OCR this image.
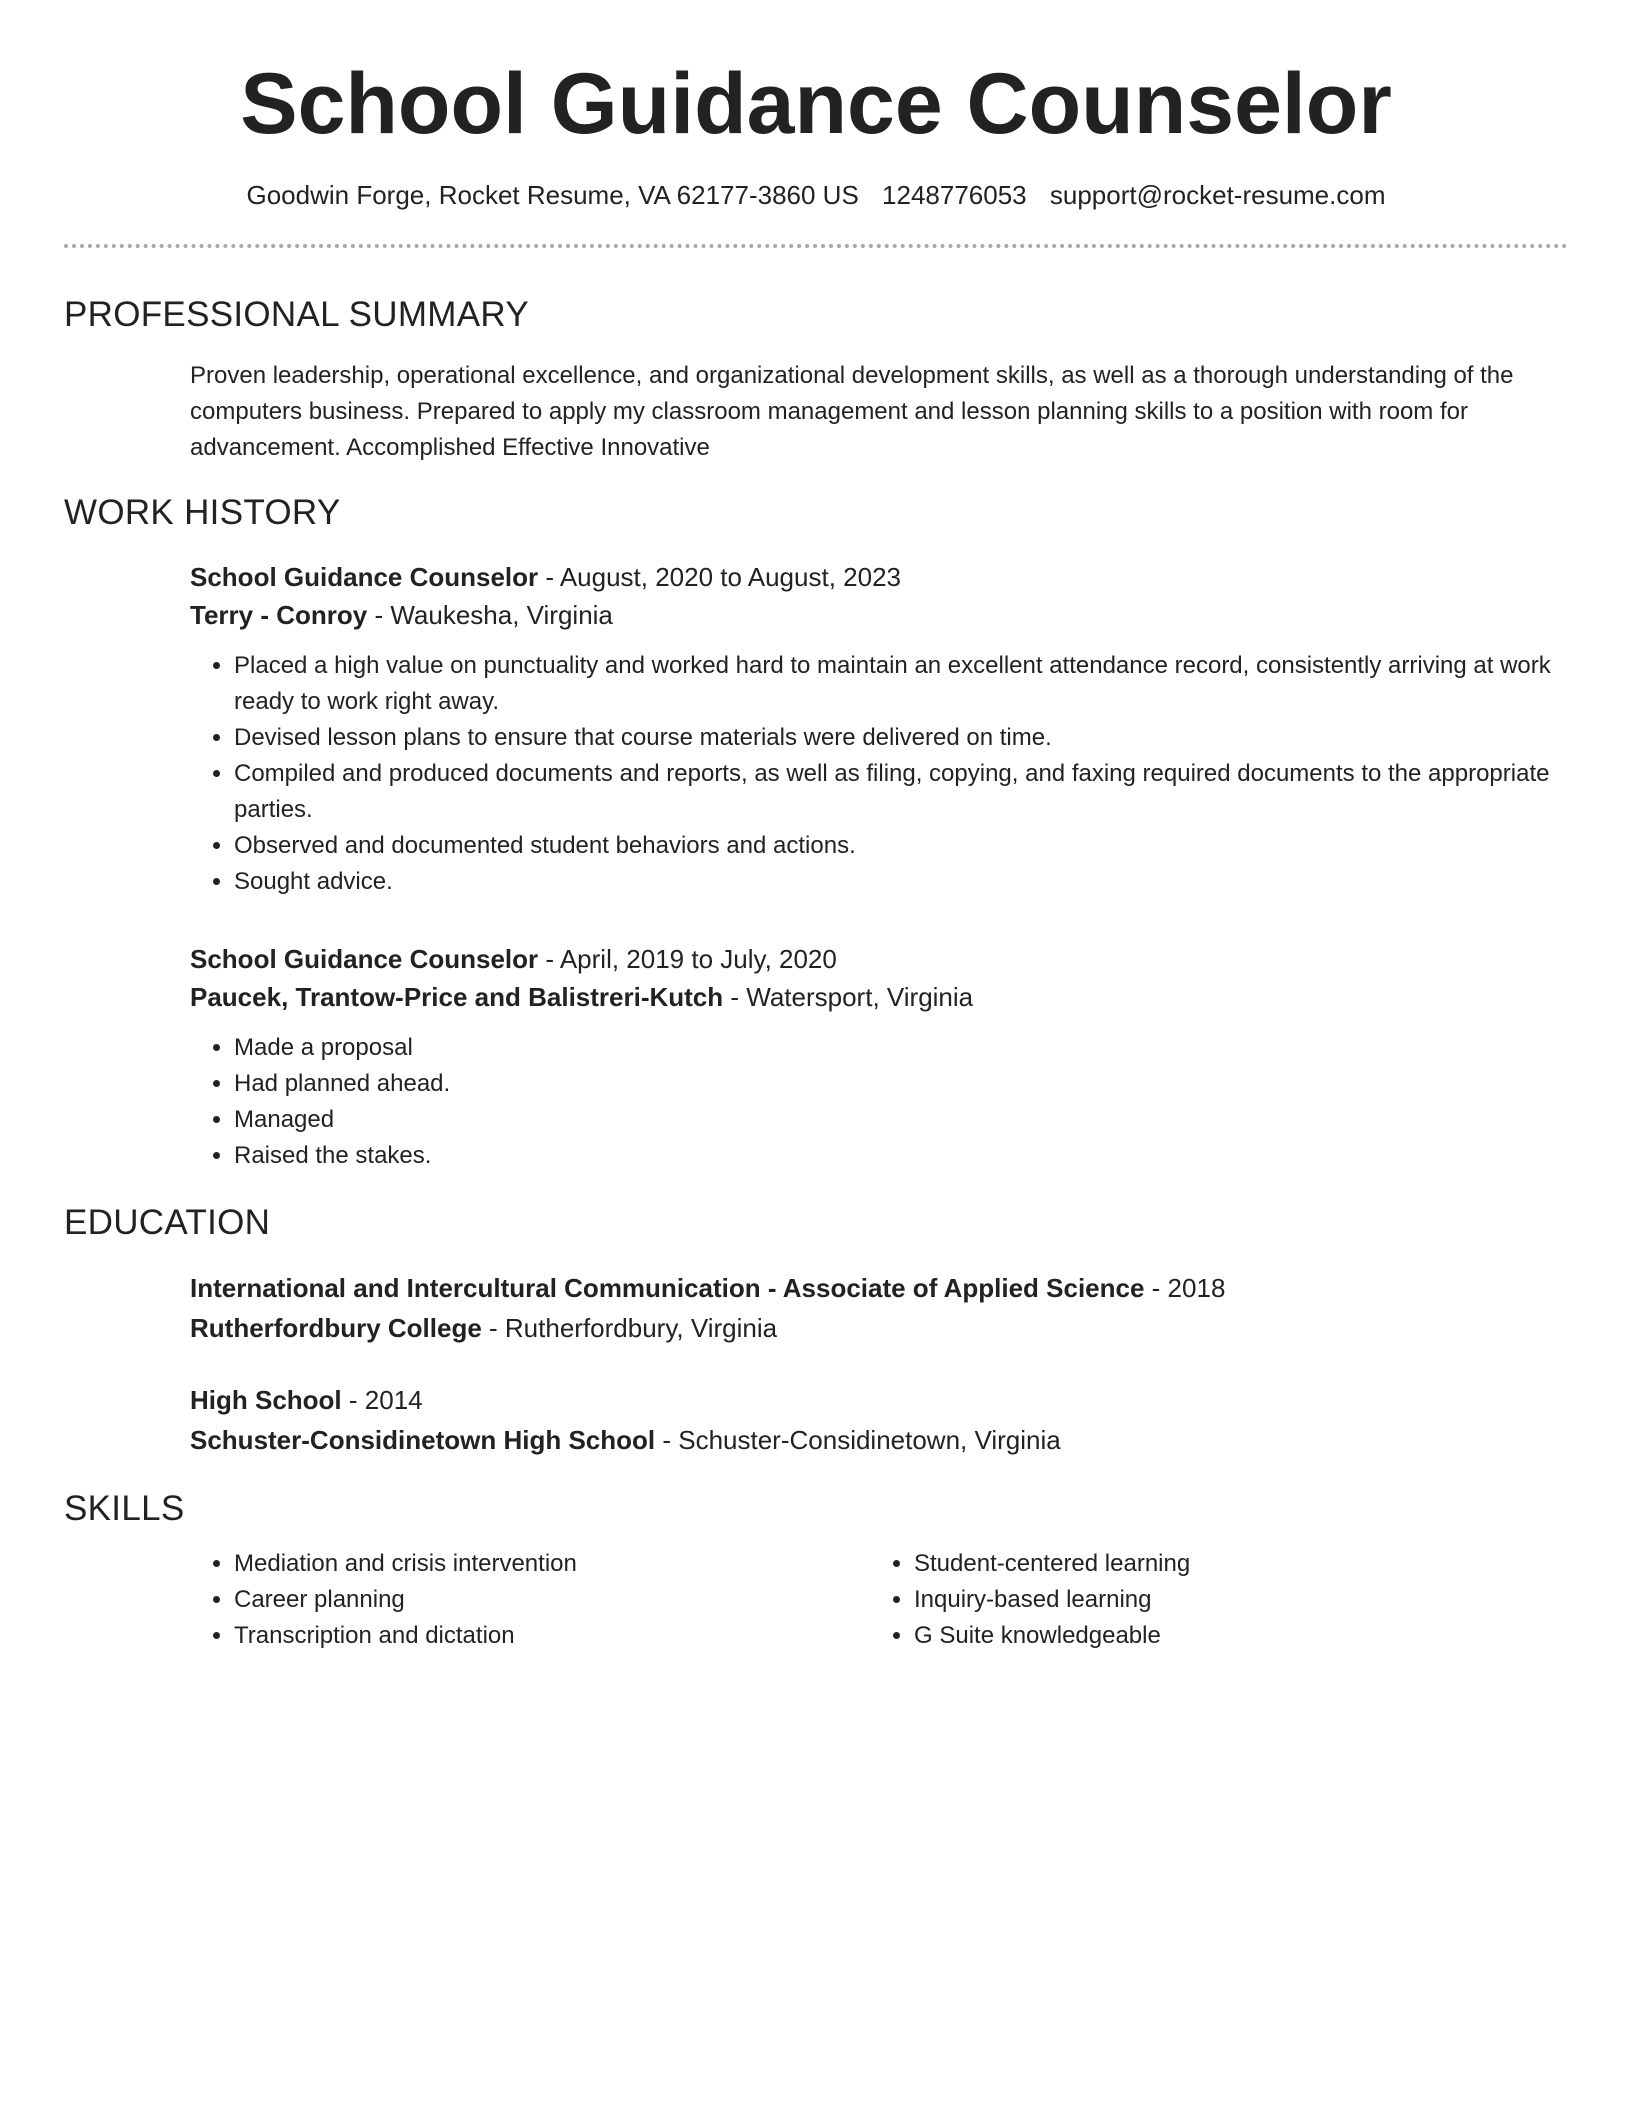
School Guidance Counselor
Goodwin Forge, Rocket Resume, VA 62177-3860 US 1248776053 support@rocket-resume.com
PROFESSIONAL SUMMARY
Proven leadership, operational excellence, and organizational development skills, as well as a thorough understanding of the computers business. Prepared to apply my classroom management and lesson planning skills to a position with room for advancement. Accomplished Effective Innovative
WORK HISTORY
School Guidance Counselor - August, 2020 to August, 2023
Terry - Conroy - Waukesha, Virginia
• Placed a high value on punctuality and worked hard to maintain an excellent attendance record, consistently arriving at work ready to work right away.
• Devised lesson plans to ensure that course materials were delivered on time.
• Compiled and produced documents and reports, as well as filing, copying, and faxing required documents to the appropriate parties.
• Observed and documented student behaviors and actions.
• Sought advice.
School Guidance Counselor - April, 2019 to July, 2020
Paucek, Trantow-Price and Balistreri-Kutch - Watersport, Virginia
• Made a proposal
• Had planned ahead.
• Managed
• Raised the stakes.
EDUCATION
International and Intercultural Communication - Associate of Applied Science - 2018
Rutherfordbury College - Rutherfordbury, Virginia
High School - 2014
Schuster-Considinetown High School - Schuster-Considinetown, Virginia
SKILLS
• Mediation and crisis intervention
• Career planning
• Transcription and dictation
• Student-centered learning
• Inquiry-based learning
• G Suite knowledgeable
